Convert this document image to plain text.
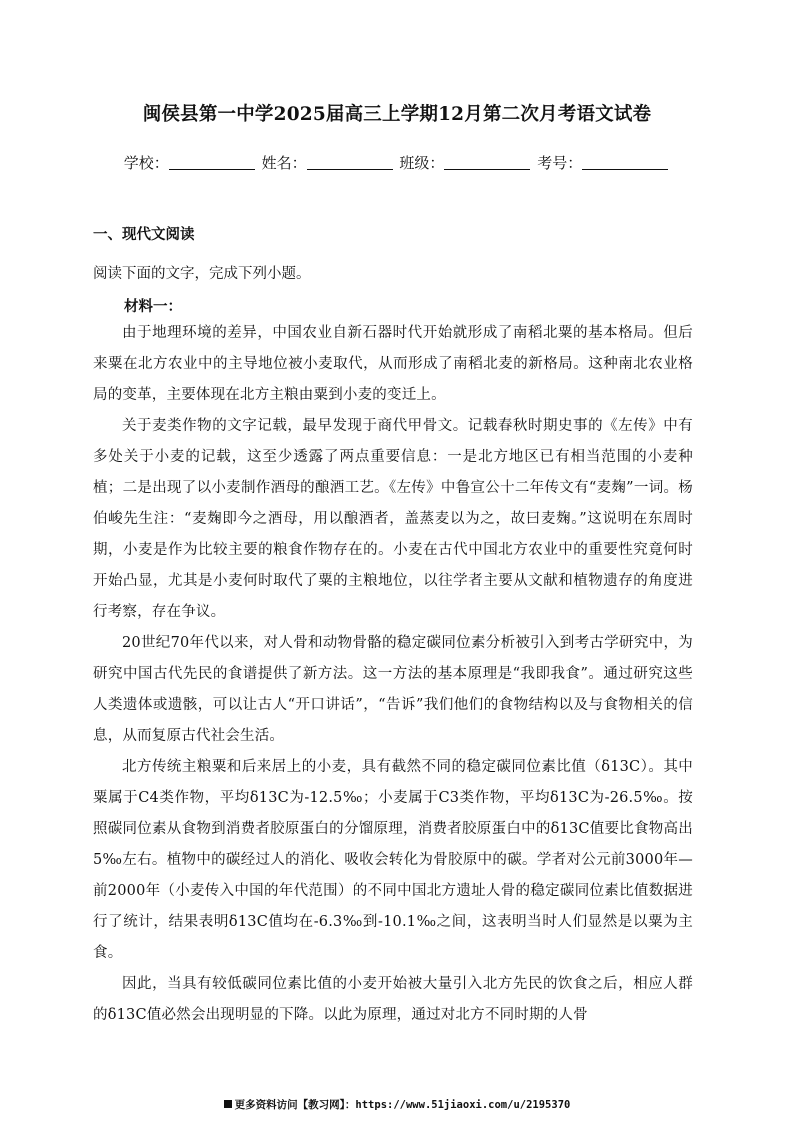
闽侯县第一中学2025届高三上学期12月第二次月考语文试卷
学校：	姓名：	班级：	考号：
一、现代文阅读
阅读下面的文字，完成下列小题。
材料一：

由于地理环境的差异，中国农业自新石器时代开始就形成了南稻北粟的基本格局。但后来粟在北方农业中的主导地位被小麦取代，从而形成了南稻北麦的新格局。这种南北农业格局的变革，主要体现在北方主粮由粟到小麦的变迁上。

关于麦类作物的文字记载，最早发现于商代甲骨文。记载春秋时期史事的《左传》中有多处关于小麦的记载，这至少透露了两点重要信息：一是北方地区已有相当范围的小麦种植；二是出现了以小麦制作酒母的酿酒工艺。《左传》中鲁宣公十二年传文有“麦麹”一词。杨伯峻先生注：“麦麹即今之酒母，用以酿酒者，盖蒸麦以为之，故曰麦麹。”这说明在东周时期，小麦是作为比较主要的粮食作物存在的。小麦在古代中国北方农业中的重要性究竟何时开始凸显，尤其是小麦何时取代了粟的主粮地位，以往学者主要从文献和植物遗存的角度进行考察，存在争议。

20世纪70年代以来，对人骨和动物骨骼的稳定碳同位素分析被引入到考古学研究中，为研究中国古代先民的食谱提供了新方法。这一方法的基本原理是“我即我食”。通过研究这些人类遗体或遗骸，可以让古人“开口讲话”，“告诉”我们他们的食物结构以及与食物相关的信息，从而复原古代社会生活。

北方传统主粮粟和后来居上的小麦，具有截然不同的稳定碳同位素比值（δ13C）。其中粟属于C4类作物，平均δ13C为-12.5‰；小麦属于C3类作物，平均δ13C为-26.5‰。按照碳同位素从食物到消费者胶原蛋白的分馏原理，消费者胶原蛋白中的δ13C值要比食物高出5‰左右。植物中的碳经过人的消化、吸收会转化为骨胶原中的碳。学者对公元前3000年—前2000年（小麦传入中国的年代范围）的不同中国北方遗址人骨的稳定碳同位素比值数据进行了统计，结果表明δ13C值均在-6.3‰到-10.1‰之间，这表明当时人们显然是以粟为主食。

因此，当具有较低碳同位素比值的小麦开始被大量引入北方先民的饮食之后，相应人群的δ13C值必然会出现明显的下降。以此为原理，通过对北方不同时期的人骨

更多资料访问【教习网】：https://www.51jiaoxi.com/u/2195370
